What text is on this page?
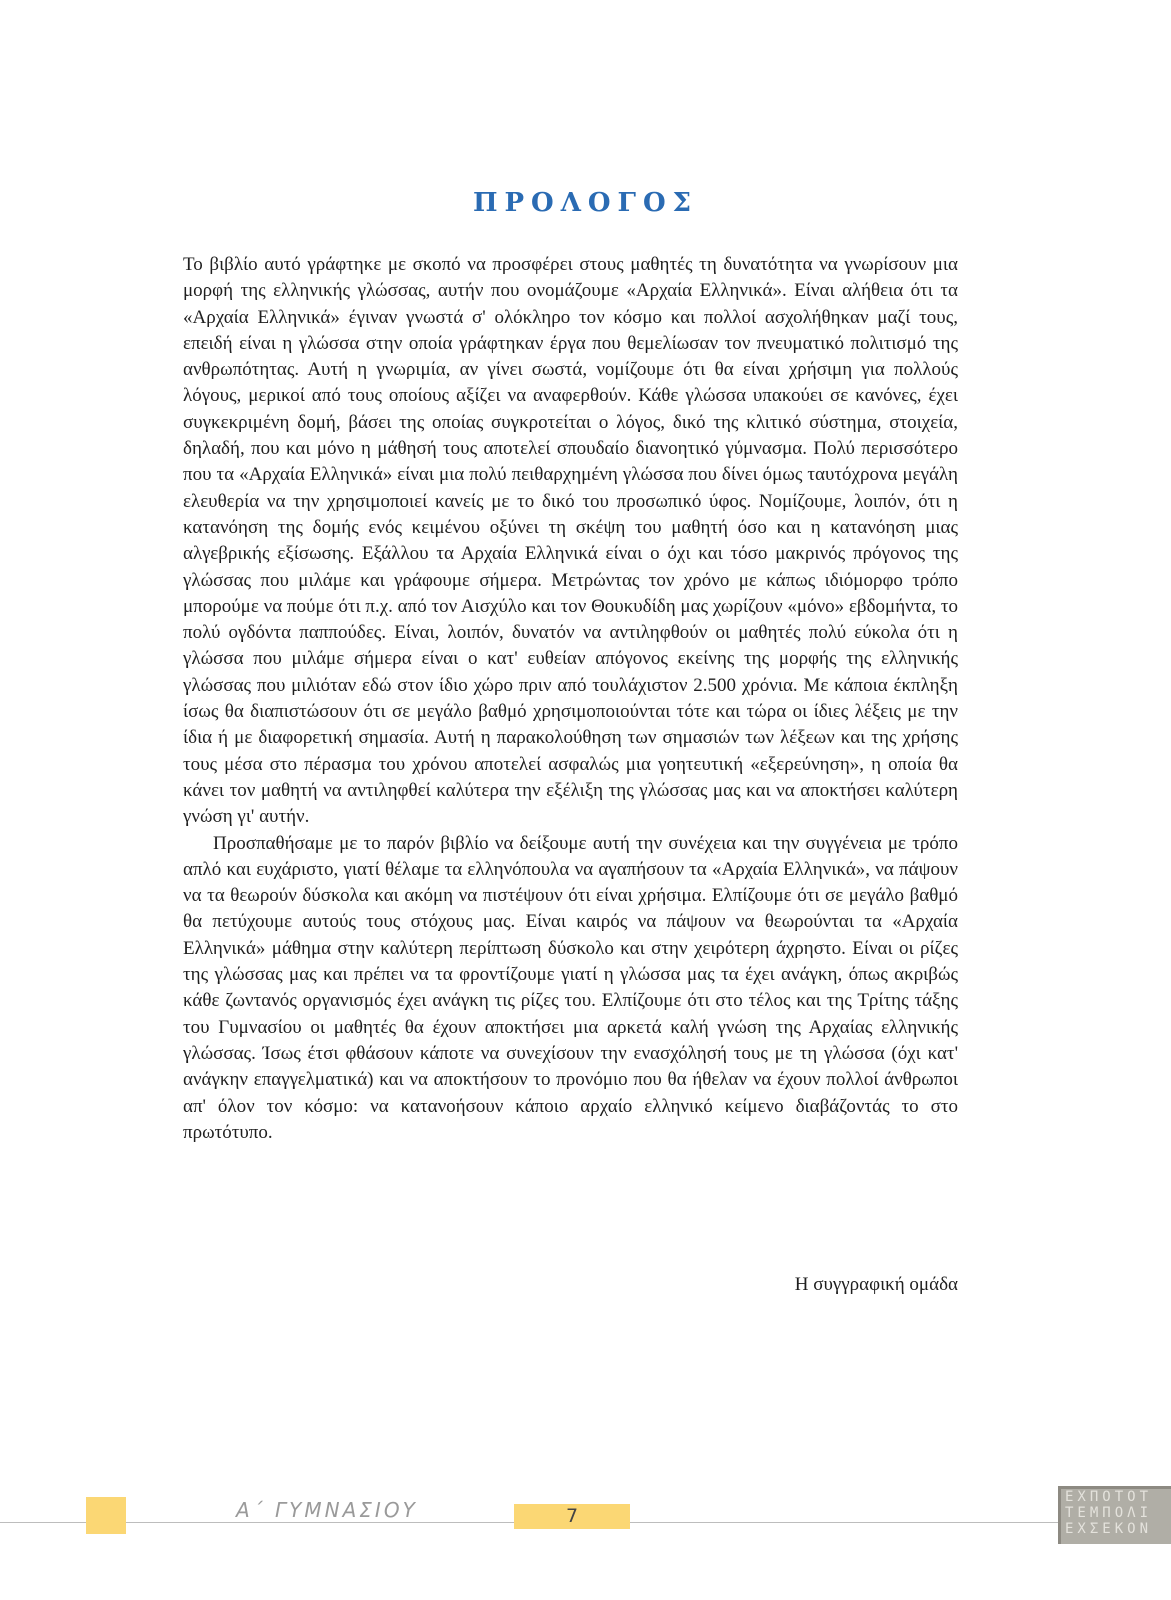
ΠΡΟΛΟΓΟΣ

Το βιβλίο αυτό γράφτηκε με σκοπό να προσφέρει στους μαθητές τη δυνατότητα να γνωρίσουν μια μορφή της ελληνικής γλώσσας, αυτήν που ονομάζουμε «Αρχαία Ελληνικά». Είναι αλήθεια ότι τα «Αρχαία Ελληνικά» έγιναν γνωστά σ' ολόκληρο τον κόσμο και πολλοί ασχολήθηκαν μαζί τους, επειδή είναι η γλώσσα στην οποία γράφτηκαν έργα που θεμελίωσαν τον πνευματικό πολιτισμό της ανθρωπότητας. Αυτή η γνωριμία, αν γίνει σωστά, νομίζουμε ότι θα είναι χρήσιμη για πολλούς λόγους, μερικοί από τους οποίους αξίζει να αναφερθούν. Κάθε γλώσσα υπακούει σε κανόνες, έχει συγκεκριμένη δομή, βάσει της οποίας συγκροτείται ο λόγος, δικό της κλιτικό σύστημα, στοιχεία, δηλαδή, που και μόνο η μάθησή τους αποτελεί σπουδαίο διανοητικό γύμνασμα. Πολύ περισσότερο που τα «Αρχαία Ελληνικά» είναι μια πολύ πειθαρχημένη γλώσσα που δίνει όμως ταυτόχρονα μεγάλη ελευθερία να την χρησιμοποιεί κανείς με το δικό του προσωπικό ύφος. Νομίζουμε, λοιπόν, ότι η κατανόηση της δομής ενός κειμένου οξύνει τη σκέψη του μαθητή όσο και η κατανόηση μιας αλγεβρικής εξίσωσης. Εξάλλου τα Αρχαία Ελληνικά είναι ο όχι και τόσο μακρινός πρόγονος της γλώσσας που μιλάμε και γράφουμε σήμερα. Μετρώντας τον χρόνο με κάπως ιδιόμορφο τρόπο μπορούμε να πούμε ότι π.χ. από τον Αισχύλο και τον Θουκυδίδη μας χωρίζουν «μόνο» εβδομήντα, το πολύ ογδόντα παππούδες. Είναι, λοιπόν, δυνατόν να αντιληφθούν οι μαθητές πολύ εύκολα ότι η γλώσσα που μιλάμε σήμερα είναι ο κατ' ευθείαν απόγονος εκείνης της μορφής της ελληνικής γλώσσας που μιλιόταν εδώ στον ίδιο χώρο πριν από τουλάχιστον 2.500 χρόνια. Με κάποια έκπληξη ίσως θα διαπιστώσουν ότι σε μεγάλο βαθμό χρησιμοποιούνται τότε και τώρα οι ίδιες λέξεις με την ίδια ή με διαφορετική σημασία. Αυτή η παρακολούθηση των σημασιών των λέξεων και της χρήσης τους μέσα στο πέρασμα του χρόνου αποτελεί ασφαλώς μια γοητευτική «εξερεύνηση», η οποία θα κάνει τον μαθητή να αντιληφθεί καλύτερα την εξέλιξη της γλώσσας μας και να αποκτήσει καλύτερη γνώση γι' αυτήν.

Προσπαθήσαμε με το παρόν βιβλίο να δείξουμε αυτή την συνέχεια και την συγγένεια με τρόπο απλό και ευχάριστο, γιατί θέλαμε τα ελληνόπουλα να αγαπήσουν τα «Αρχαία Ελληνικά», να πάψουν να τα θεωρούν δύσκολα και ακόμη να πιστέψουν ότι είναι χρήσιμα. Ελπίζουμε ότι σε μεγάλο βαθμό θα πετύχουμε αυτούς τους στόχους μας. Είναι καιρός να πάψουν να θεωρούνται τα «Αρχαία Ελληνικά» μάθημα στην καλύτερη περίπτωση δύσκολο και στην χειρότερη άχρηστο. Είναι οι ρίζες της γλώσσας μας και πρέπει να τα φροντίζουμε γιατί η γλώσσα μας τα έχει ανάγκη, όπως ακριβώς κάθε ζωντανός οργανισμός έχει ανάγκη τις ρίζες του. Ελπίζουμε ότι στο τέλος και της Τρίτης τάξης του Γυμνασίου οι μαθητές θα έχουν αποκτήσει μια αρκετά καλή γνώση της Αρχαίας ελληνικής γλώσσας. Ίσως έτσι φθάσουν κάποτε να συνεχίσουν την ενασχόλησή τους με τη γλώσσα (όχι κατ' ανάγκην επαγγελματικά) και να αποκτήσουν το προνόμιο που θα ήθελαν να έχουν πολλοί άνθρωποι απ' όλον τον κόσμο: να κατανοήσουν κάποιο αρχαίο ελληνικό κείμενο διαβάζοντάς το στο πρωτότυπο.

Η συγγραφική ομάδα
Α΄ ΓΥΜΝΑΣΙΟΥ	7
ΕΧΠΟΤΟΤ
ΤΕΜΠΟΛΙ
ΕΧΣΕΚΟΝ
